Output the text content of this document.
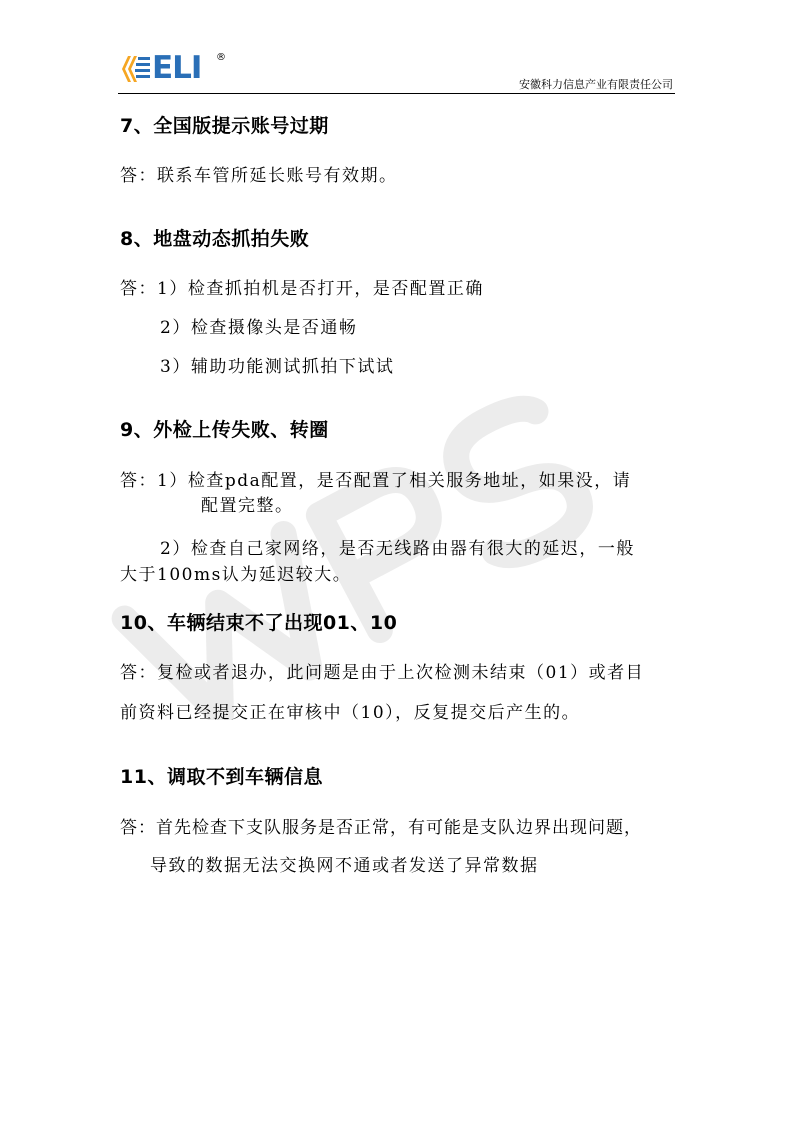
ELI ®
安徽科力信息产业有限责任公司
7、全国版提示账号过期
答：联系车管所延长账号有效期。
8、地盘动态抓拍失败
答：1）检查抓拍机是否打开，是否配置正确
2）检查摄像头是否通畅
3）辅助功能测试抓拍下试试
9、外检上传失败、转圈
答：1）检查pda配置，是否配置了相关服务地址，如果没，请
配置完整。
2）检查自己家网络，是否无线路由器有很大的延迟，一般
大于100ms认为延迟较大。
10、车辆结束不了出现01、10
答：复检或者退办，此问题是由于上次检测未结束（01）或者目
前资料已经提交正在审核中（10），反复提交后产生的。
11、调取不到车辆信息
答：首先检查下支队服务是否正常，有可能是支队边界出现问题，
导致的数据无法交换网不通或者发送了异常数据
